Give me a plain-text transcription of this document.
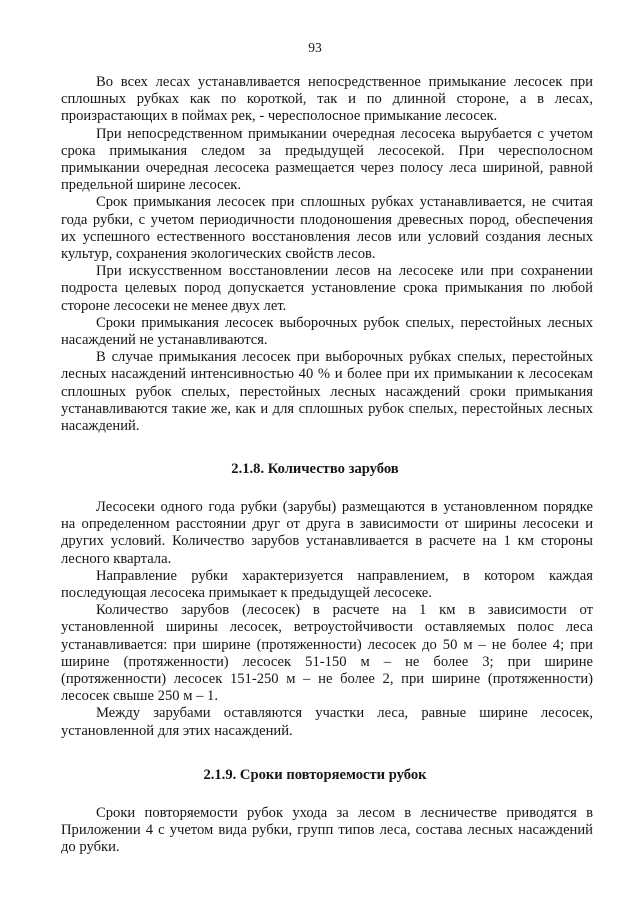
93

Во всех лесах устанавливается непосредственное примыкание лесосек при сплошных рубках как по короткой, так и по длинной стороне, а в лесах, произрастающих в поймах рек, - чересполосное примыкание лесосек.

При непосредственном примыкании очередная лесосека вырубается с учетом срока примыкания следом за предыдущей лесосекой. При чересполосном примыкании очередная лесосека размещается через полосу леса шириной, равной предельной ширине лесосек.

Срок примыкания лесосек при сплошных рубках устанавливается, не считая года рубки, с учетом периодичности плодоношения древесных пород, обеспечения их успешного естественного восстановления лесов или условий создания лесных культур, сохранения экологических свойств лесов.

При искусственном восстановлении лесов на лесосеке или при сохранении подроста целевых пород допускается установление срока примыкания по любой стороне лесосеки не менее двух лет.

Сроки примыкания лесосек выборочных рубок спелых, перестойных лесных насаждений не устанавливаются.

В случае примыкания лесосек при выборочных рубках спелых, перестойных лесных насаждений интенсивностью 40 % и более при их примыкании к лесосекам сплошных рубок спелых, перестойных лесных насаждений сроки примыкания устанавливаются такие же, как и для сплошных рубок спелых, перестойных лесных насаждений.

2.1.8. Количество зарубов

Лесосеки одного года рубки (зарубы) размещаются в установленном порядке на определенном расстоянии друг от друга в зависимости от ширины лесосеки и других условий. Количество зарубов устанавливается в расчете на 1 км стороны лесного квартала.

Направление рубки характеризуется направлением, в котором каждая последующая лесосека примыкает к предыдущей лесосеке.

Количество зарубов (лесосек) в расчете на 1 км в зависимости от установленной ширины лесосек, ветроустойчивости оставляемых полос леса устанавливается: при ширине (протяженности) лесосек до 50 м – не более 4; при ширине (протяженности) лесосек 51-150 м – не более 3; при ширине (протяженности) лесосек 151-250 м – не более 2, при ширине (протяженности) лесосек свыше 250 м – 1.

Между зарубами оставляются участки леса, равные ширине лесосек, установленной для этих насаждений.

2.1.9. Сроки повторяемости рубок

Сроки повторяемости рубок ухода за лесом в лесничестве приводятся в Приложении 4 с учетом вида рубки, групп типов леса, состава лесных насаждений до рубки.
